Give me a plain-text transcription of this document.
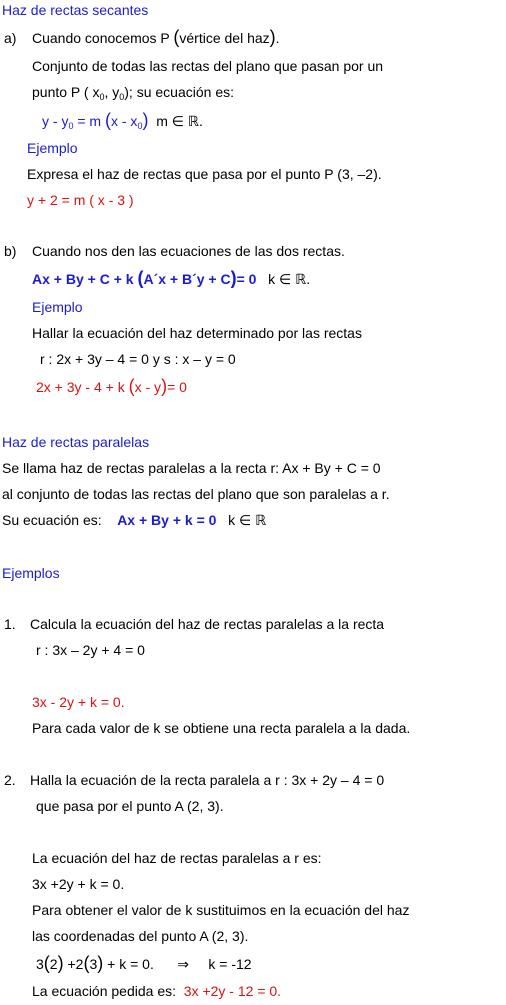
Haz de rectas secantes
a) Cuando conocemos P (vértice del haz).
Conjunto de todas las rectas del plano que pasan por un
punto P ( $x_0$, $y_0$); su ecuación es:
$y - y_0 = m$ $(x - x_0)$ m ∈ ℝ.
Ejemplo
Expresa el haz de rectas que pasa por el punto P (3, –2).
y + 2 = m ( x - 3 )
b) Cuando nos den las ecuaciones de las dos rectas.
Ax + By + C + k (A´x + B´y + C)= 0 k ∈ ℝ.
Ejemplo
Hallar la ecuación del haz determinado por las rectas
r : 2x + 3y – 4 = 0 y s : x – y = 0
2x + 3y - 4 + k (x - y)= 0
Haz de rectas paralelas
Se llama haz de rectas paralelas a la recta r: Ax + By + C = 0
al conjunto de todas las rectas del plano que son paralelas a r.
Su ecuación es: Ax + By + k = 0 k ∈ ℝ
Ejemplos
1. Calcula la ecuación del haz de rectas paralelas a la recta
r : 3x – 2y + 4 = 0
3x - 2y + k = 0.
Para cada valor de k se obtiene una recta paralela a la dada.
2. Halla la ecuación de la recta paralela a r : 3x + 2y – 4 = 0
que pasa por el punto A (2, 3).
La ecuación del haz de rectas paralelas a r es:
3x +2y + k = 0.
Para obtener el valor de k sustituimos en la ecuación del haz
las coordenadas del punto A (2, 3).
3(2) +2(3) + k = 0. ⇒ k = -12
La ecuación pedida es: 3x +2y - 12 = 0.
